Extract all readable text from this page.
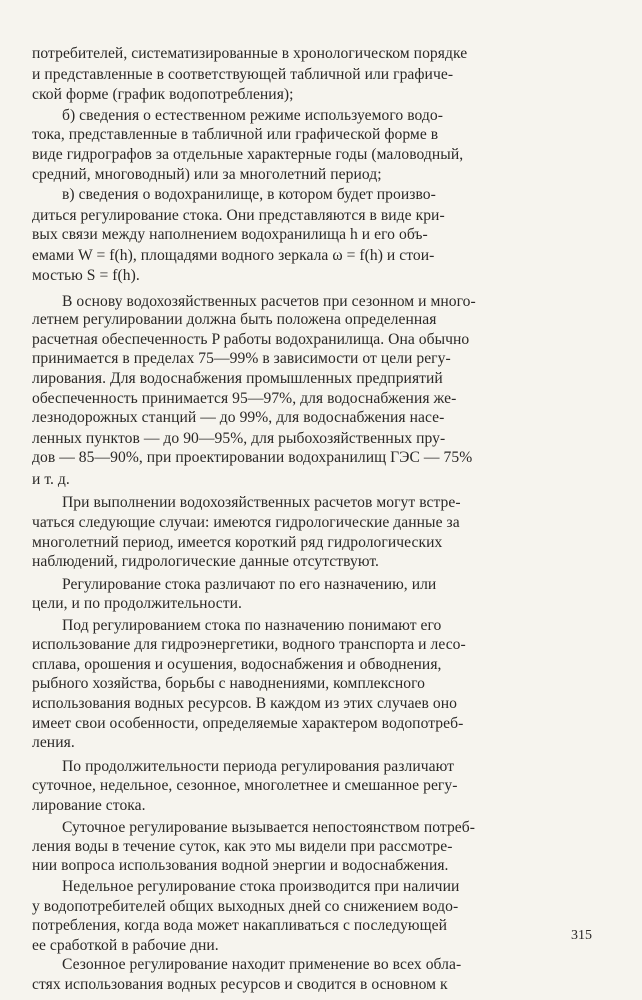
потребителей, систематизированные в хронологическом порядке
и представленные в соответствующей табличной или графиче-
ской форме (график водопотребления);
б) сведения о естественном режиме используемого водо-
тока, представленные в табличной или графической форме в
виде гидрографов за отдельные характерные годы (маловодный,
средний, многоводный) или за многолетний период;
в) сведения о водохранилище, в котором будет произво-
диться регулирование стока. Они представляются в виде кри-
вых связи между наполнением водохранилища h и его объ-
емами W = f(h), площадями водного зеркала ω = f(h) и стои-
мостью S = f(h).
В основу водохозяйственных расчетов при сезонном и много-
летнем регулировании должна быть положена определенная
расчетная обеспеченность P работы водохранилища. Она обычно
принимается в пределах 75—99% в зависимости от цели регу-
лирования. Для водоснабжения промышленных предприятий
обеспеченность принимается 95—97%, для водоснабжения же-
лезнодорожных станций — до 99%, для водоснабжения насе-
ленных пунктов — до 90—95%, для рыбохозяйственных пру-
дов — 85—90%, при проектировании водохранилищ ГЭС — 75%
и т. д.
При выполнении водохозяйственных расчетов могут встре-
чаться следующие случаи: имеются гидрологические данные за
многолетний период, имеется короткий ряд гидрологических
наблюдений, гидрологические данные отсутствуют.
Регулирование стока различают по его назначению, или
цели, и по продолжительности.
Под регулированием стока по назначению понимают его
использование для гидроэнергетики, водного транспорта и лесо-
сплава, орошения и осушения, водоснабжения и обводнения,
рыбного хозяйства, борьбы с наводнениями, комплексного
использования водных ресурсов. В каждом из этих случаев оно
имеет свои особенности, определяемые характером водопотреб-
ления.
По продолжительности периода регулирования различают
суточное, недельное, сезонное, многолетнее и смешанное регу-
лирование стока.
Суточное регулирование вызывается непостоянством потреб-
ления воды в течение суток, как это мы видели при рассмотре-
нии вопроса использования водной энергии и водоснабжения.
Недельное регулирование стока производится при наличии
у водопотребителей общих выходных дней со снижением водо-
потребления, когда вода может накапливаться с последующей
ее сработкой в рабочие дни.
Сезонное регулирование находит применение во всех обла-
стях использования водных ресурсов и сводится в основном к
315
